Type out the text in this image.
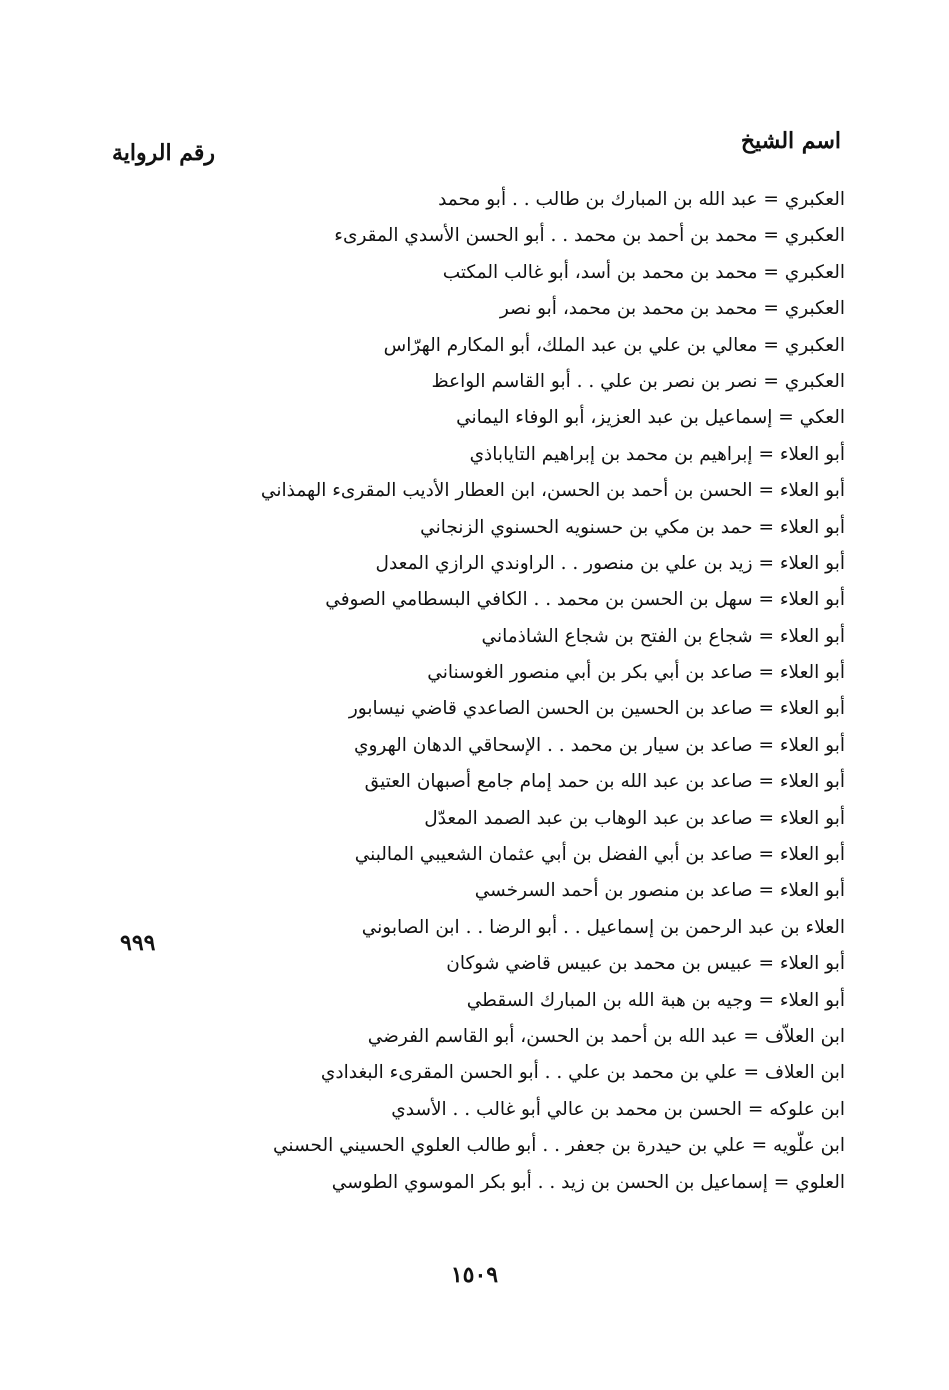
اسم الشيخ
رقم الرواية
العكبري = عبد الله بن المبارك بن طالب . . أبو محمد
العكبري = محمد بن أحمد بن محمد . . أبو الحسن الأسدي المقرىء
العكبري = محمد بن محمد بن أسد، أبو غالب المكتب
العكبري = محمد بن محمد بن محمد، أبو نصر
العكبري = معالي بن علي بن عبد الملك، أبو المكارم الهرّاس
العكبري = نصر بن نصر بن علي . . أبو القاسم الواعظ
العكي = إسماعيل بن عبد العزيز، أبو الوفاء اليماني
أبو العلاء = إبراهيم بن محمد بن إبراهيم التاياباذي
أبو العلاء = الحسن بن أحمد بن الحسن، ابن العطار الأديب المقرىء الهمذاني
أبو العلاء = حمد بن مكي بن حسنويه الحسنوي الزنجاني
أبو العلاء = زيد بن علي بن منصور . . الراوندي الرازي المعدل
أبو العلاء = سهل بن الحسن بن محمد . . الكافي البسطامي الصوفي
أبو العلاء = شجاع بن الفتح بن شجاع الشاذماني
أبو العلاء = صاعد بن أبي بكر بن أبي منصور الغوسناني
أبو العلاء = صاعد بن الحسين بن الحسن الصاعدي قاضي نيسابور
أبو العلاء = صاعد بن سيار بن محمد . . الإسحاقي الدهان الهروي
أبو العلاء = صاعد بن عبد الله بن حمد إمام جامع أصبهان العتيق
أبو العلاء = صاعد بن عبد الوهاب بن عبد الصمد المعدّل
أبو العلاء = صاعد بن أبي الفضل بن أبي عثمان الشعيبي المالبني
أبو العلاء = صاعد بن منصور بن أحمد السرخسي
العلاء بن عبد الرحمن بن إسماعيل . . أبو الرضا . . ابن الصابوني
أبو العلاء = عبيس بن محمد بن عبيس قاضي شوكان
أبو العلاء = وجيه بن هبة الله بن المبارك السقطي
ابن العلاّف = عبد الله بن أحمد بن الحسن، أبو القاسم الفرضي
ابن العلاف = علي بن محمد بن علي . . أبو الحسن المقرىء البغدادي
ابن علوكه = الحسن بن محمد بن عالي أبو غالب . . الأسدي
ابن علّويه = علي بن حيدرة بن جعفر . . أبو طالب العلوي الحسيني الحسني
العلوي = إسماعيل بن الحسن بن زيد . . أبو بكر الموسوي الطوسي
٩٩٩
١٥٠٩
